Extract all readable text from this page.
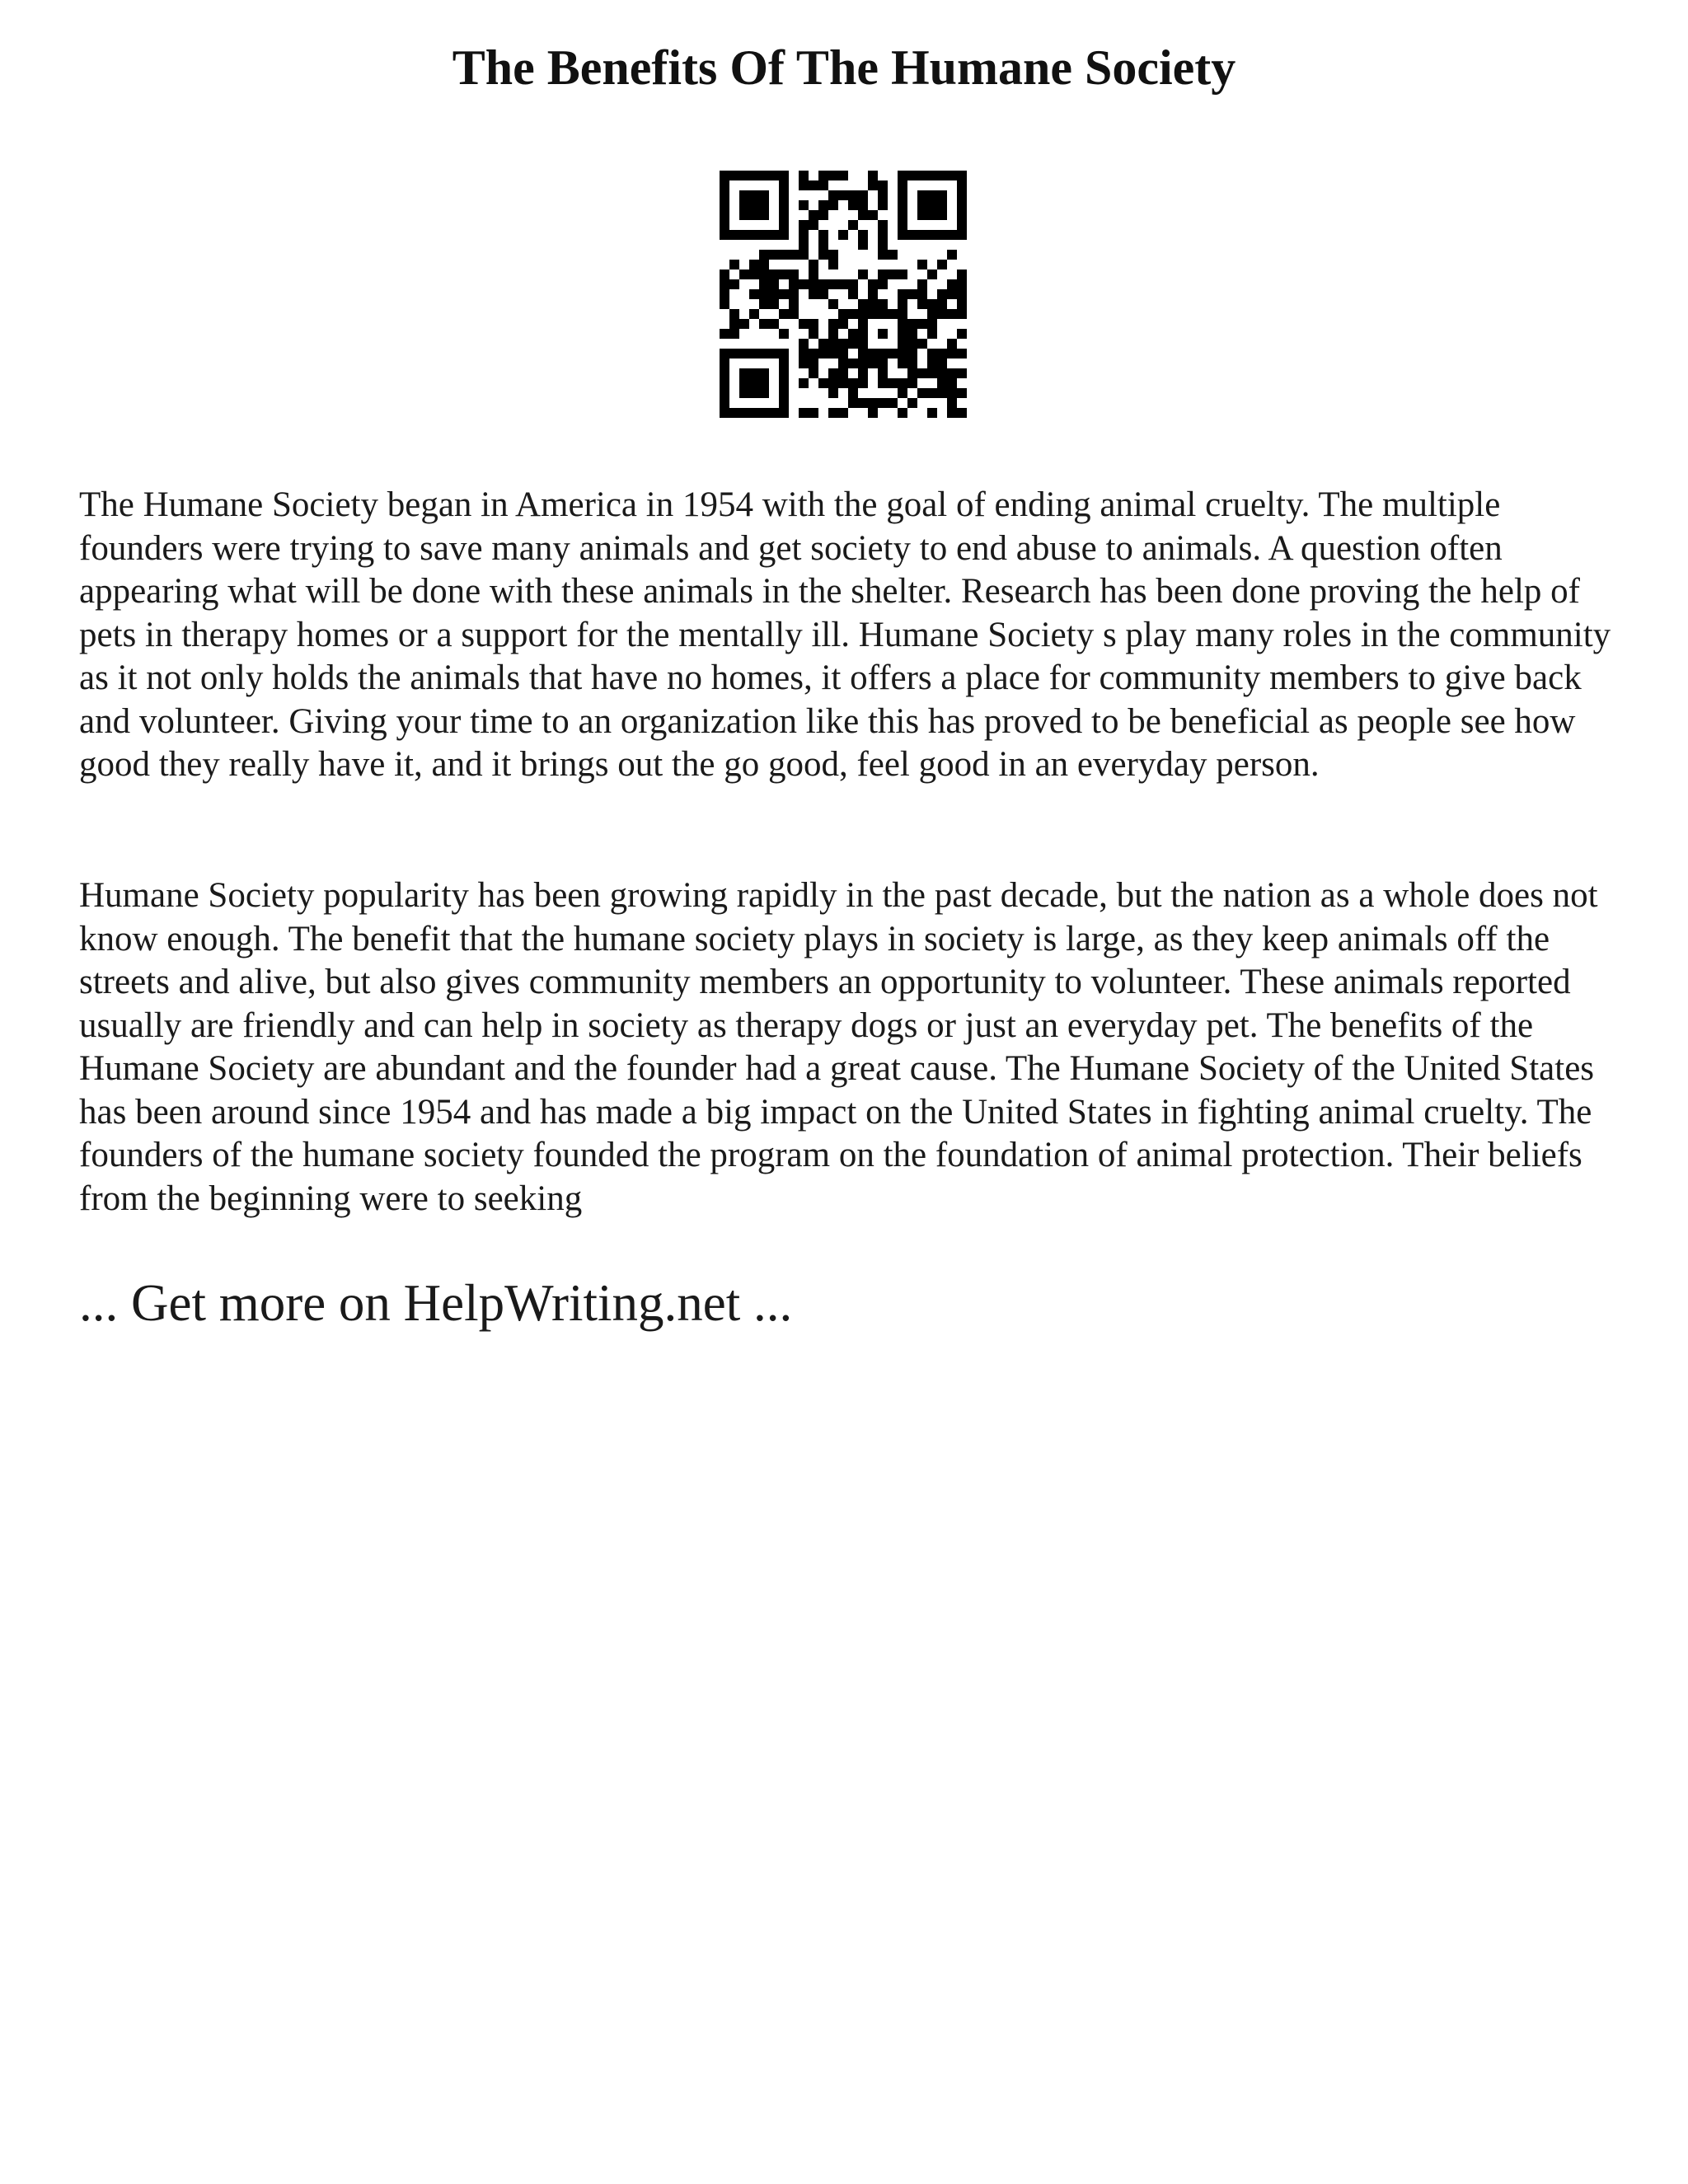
The Benefits Of The Humane Society

The Humane Society began in America in 1954 with the goal of ending animal cruelty. The multiple founders were trying to save many animals and get society to end abuse to animals. A question often appearing what will be done with these animals in the shelter. Research has been done proving the help of pets in therapy homes or a support for the mentally ill. Humane Society s play many roles in the community as it not only holds the animals that have no homes, it offers a place for community members to give back and volunteer. Giving your time to an organization like this has proved to be beneficial as people see how good they really have it, and it brings out the go good, feel good in an everyday person.

Humane Society popularity has been growing rapidly in the past decade, but the nation as a whole does not know enough. The benefit that the humane society plays in society is large, as they keep animals off the streets and alive, but also gives community members an opportunity to volunteer. These animals reported usually are friendly and can help in society as therapy dogs or just an everyday pet. The benefits of the Humane Society are abundant and the founder had a great cause. The Humane Society of the United States has been around since 1954 and has made a big impact on the United States in fighting animal cruelty. The founders of the humane society founded the program on the foundation of animal protection. Their beliefs from the beginning were to seeking

... Get more on HelpWriting.net ...
